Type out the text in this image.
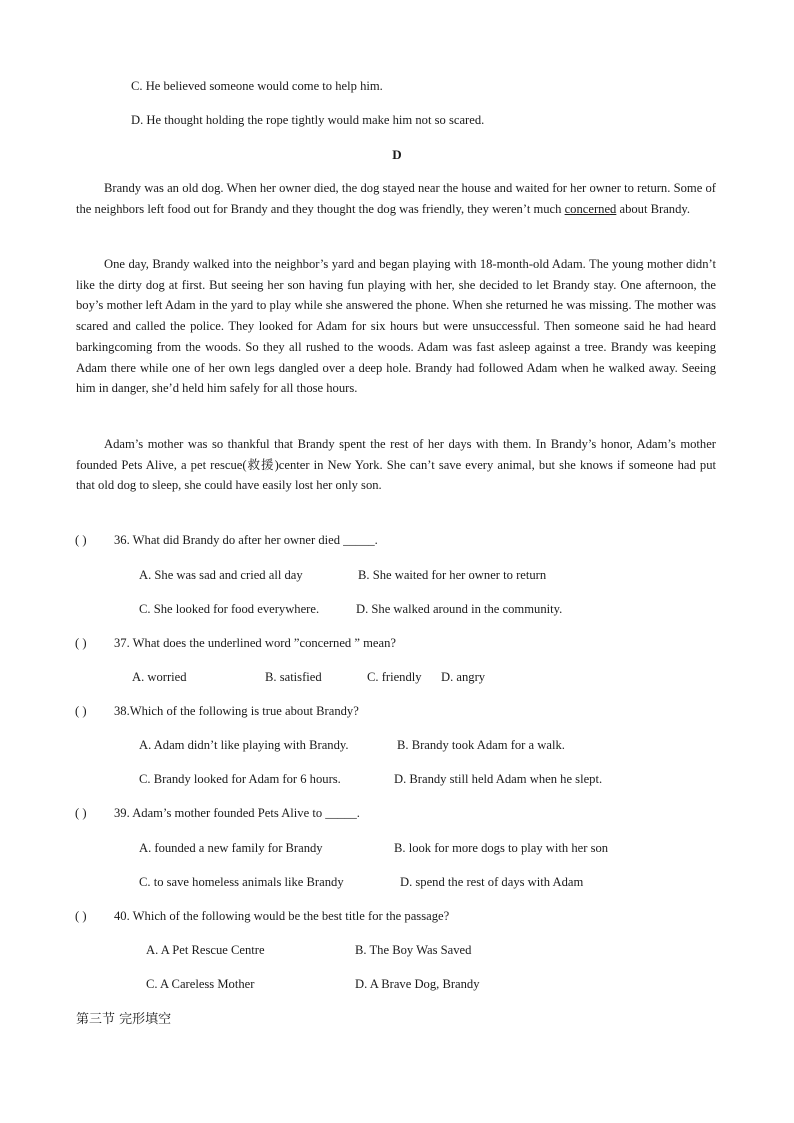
C. He believed someone would come to help him.
D. He thought holding the rope tightly would make him not so scared.
D

Brandy was an old dog. When her owner died, the dog stayed near the house and waited for her owner to return. Some of the neighbors left food out for Brandy and they thought the dog was friendly, they weren’t much concerned about Brandy.

One day, Brandy walked into the neighbor’s yard and began playing with 18-month-old Adam. The young mother didn’t like the dirty dog at first. But seeing her son having fun playing with her, she decided to let Brandy stay. One afternoon, the boy’s mother left Adam in the yard to play while she answered the phone. When she returned he was missing. The mother was scared and called the police. They looked for Adam for six hours but were unsuccessful. Then someone said he had heard barkingcoming from the woods. So they all rushed to the woods. Adam was fast asleep against a tree. Brandy was keeping Adam there while one of her own legs dangled over a deep hole. Brandy had followed Adam when he walked away. Seeing him in danger, she’d held him safely for all those hours.

Adam’s mother was so thankful that Brandy spent the rest of her days with them. In Brandy’s honor, Adam’s mother founded Pets Alive, a pet rescue(救援)center in New York. She can’t save every animal, but she knows if someone had put that old dog to sleep, she could have easily lost her only son.

( ) 36. What did Brandy do after her owner died _____.
A. She was sad and cried all day	B. She waited for her owner to return
C. She looked for food everywhere.	D. She walked around in the community.
( ) 37. What does the underlined word ”concerned ” mean?
A. worried	B. satisfied	C. friendly D. angry
( ) 38.Which of the following is true about Brandy?
A. Adam didn’t like playing with Brandy.	B. Brandy took Adam for a walk.
C. Brandy looked for Adam for 6 hours.	D. Brandy still held Adam when he slept.
( ) 39. Adam’s mother founded Pets Alive to _____.
A. founded a new family for Brandy	B. look for more dogs to play with her son
C. to save homeless animals like Brandy	D. spend the rest of days with Adam
( ) 40. Which of the following would be the best title for the passage?
A. A Pet Rescue Centre	B. The Boy Was Saved
C. A Careless Mother	D. A Brave Dog, Brandy
第三节 完形填空
